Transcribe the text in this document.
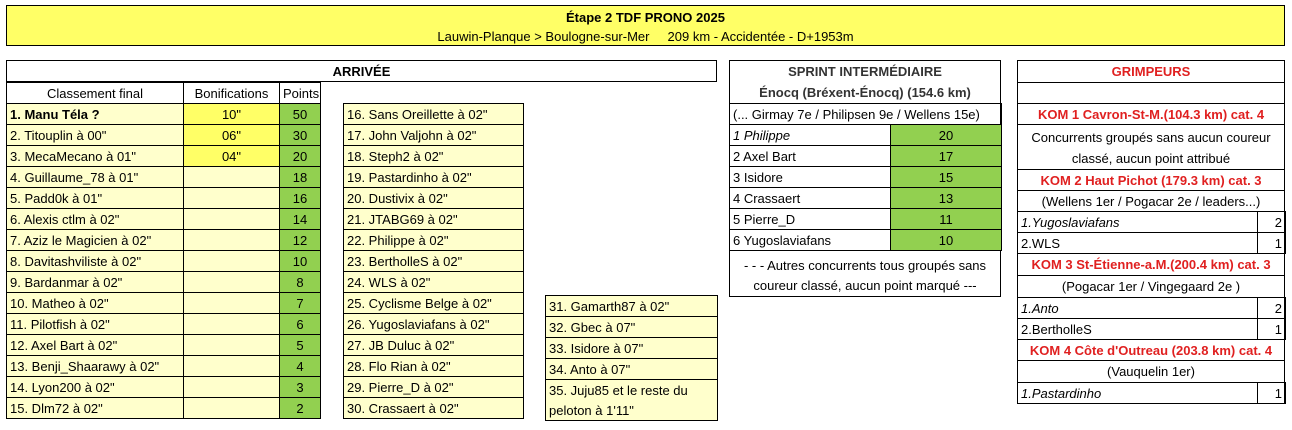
Étape 2 TDF PRONO 2025
Lauwin-Planque > Boulogne-sur-Mer     209 km - Accidentée - D+1953m
ARRIVÉE
Classement final	Bonifications	Points
1. Manu Téla ?	10"	50
2. Titouplin à 00"	06"	30
3. MecaMecano à 01"	04"	20
4. Guillaume_78 à 01"		18
5. Padd0k à 01"		16
6. Alexis ctlm à 02"		14
7. Aziz le Magicien à 02"		12
8. Davitashviliste à 02"		10
9. Bardanmar à 02"		8
10. Matheo à 02"		7
11. Pilotfish à 02"		6
12. Axel Bart à 02"		5
13. Benji_Shaarawy à 02"		4
14. Lyon200 à 02"		3
15. Dlm72 à 02"		2
16. Sans Oreillette à 02"
17. John Valjohn à 02"
18. Steph2 à 02"
19. Pastardinho à 02"
20. Dustivix à 02"
21. JTABG69 à 02"
22. Philippe à 02"
23. BertholleS à 02"
24. WLS à 02"
25. Cyclisme Belge à 02"
26. Yugoslaviafans à 02"
27. JB Duluc à 02"
28. Flo Rian à 02"
29. Pierre_D à 02"
30. Crassaert à 02"
31. Gamarth87 à 02"
32. Gbec à 07"
33. Isidore à 07"
34. Anto à 07"
35. Juju85 et le reste du
peloton à 1'11"
SPRINT INTERMÉDIAIRE
Énocq (Bréxent-Énocq) (154.6 km)
(... Girmay 7e / Philipsen 9e / Wellens 15e)	
1 Philippe	20
2 Axel Bart	17
3 Isidore	15
4 Crassaert	13
5 Pierre_D	11
6 Yugoslaviafans	10
- - - Autres concurrents tous groupés sans
coureur classé, aucun point marqué ---
GRIMPEURS
KOM 1 Cavron-St-M.(104.3 km) cat. 4
Concurrents groupés sans aucun coureur
classé, aucun point attribué
KOM 2 Haut Pichot (179.3 km) cat. 3
(Wellens 1er / Pogacar 2e / leaders...)
1.Yugoslaviafans	2
2.WLS	1
KOM 3 St-Étienne-a.M.(200.4 km) cat. 3
(Pogacar 1er / Vingegaard 2e )
1.Anto	2
2.BertholleS	1
KOM 4 Côte d'Outreau (203.8 km) cat. 4
(Vauquelin 1er)
1.Pastardinho	1
